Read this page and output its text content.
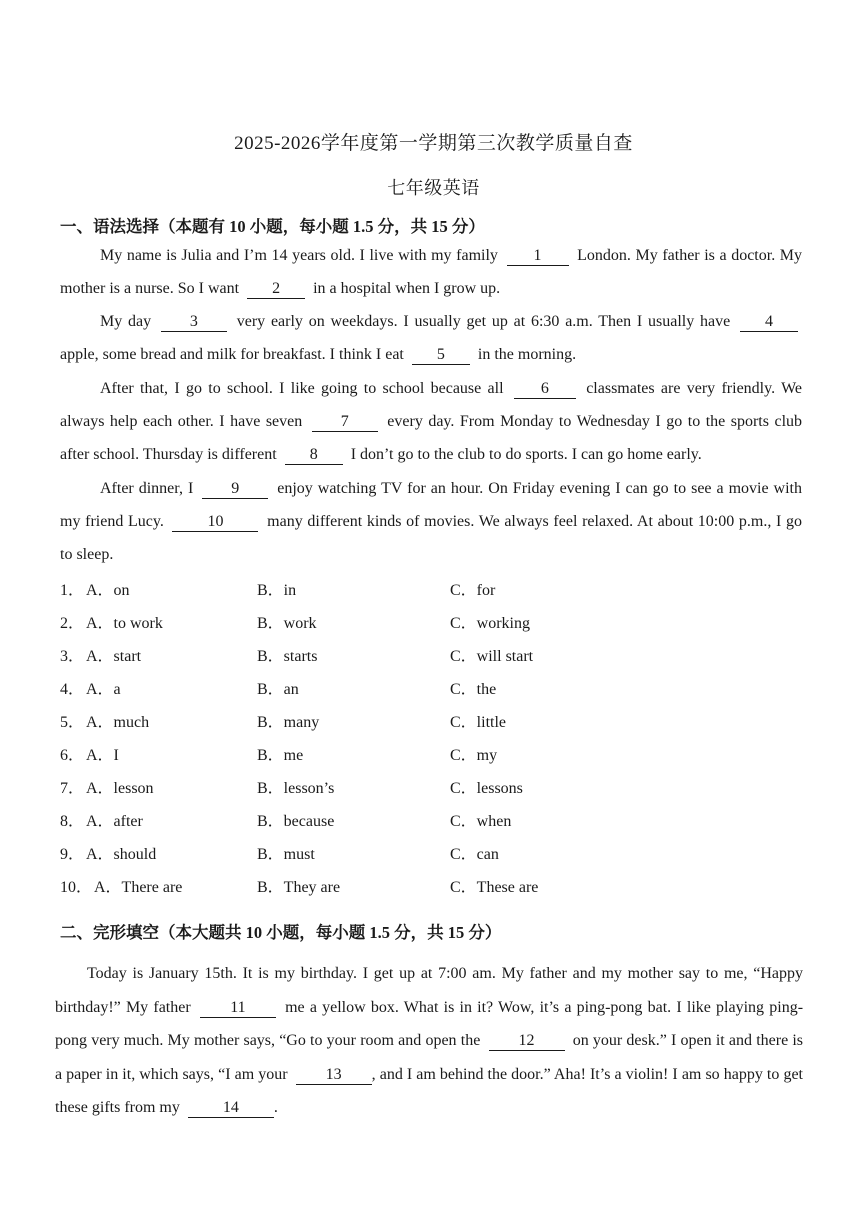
2025-2026学年度第一学期第三次教学质量自查
七年级英语
一、语法选择（本题有 10 小题，每小题 1.5 分，共 15 分）
My name is Julia and I’m 14 years old. I live with my family 1 London. My father is a doctor. My mother is a nurse. So I want 2 in a hospital when I grow up.
My day 3 very early on weekdays. I usually get up at 6:30 a.m. Then I usually have 4 apple, some bread and milk for breakfast. I think I eat 5 in the morning.
After that, I go to school. I like going to school because all 6 classmates are very friendly. We always help each other. I have seven 7 every day. From Monday to Wednesday I go to the sports club after school. Thursday is different 8 I don’t go to the club to do sports. I can go home early.
After dinner, I 9 enjoy watching TV for an hour. On Friday evening I can go to see a movie with my friend Lucy.	10	many different kinds of movies. We always feel relaxed. At about 10:00 p.m., I go to sleep.
1． A．on	B．in	C．for
2． A．to work	B．work	C．working
3． A．start	B．starts	C．will start
4． A．a	B．an	C．the
5． A．much	B．many	C．little
6． A．I	B．me	C．my
7． A．lesson	B．lesson’s	C．lessons
8． A．after	B．because	C．when
9． A．should	B．must	C．can
10． A．There are	B．They are	C．These are
二、完形填空（本大题共 10 小题，每小题 1.5 分，共 15 分）
Today is January 15th. It is my birthday. I get up at 7:00 am. My father and my mother say to me, “Happy birthday!” My father 11 me a yellow box. What is in it? Wow, it’s a ping-pong bat. I like playing ping-pong very much. My mother says, “Go to your room and open the 12 on your desk.” I open it and there is a paper in it, which says, “I am your 13 , and I am behind the door.” Aha! It’s a violin! I am so happy to get these gifts from my	14 .
